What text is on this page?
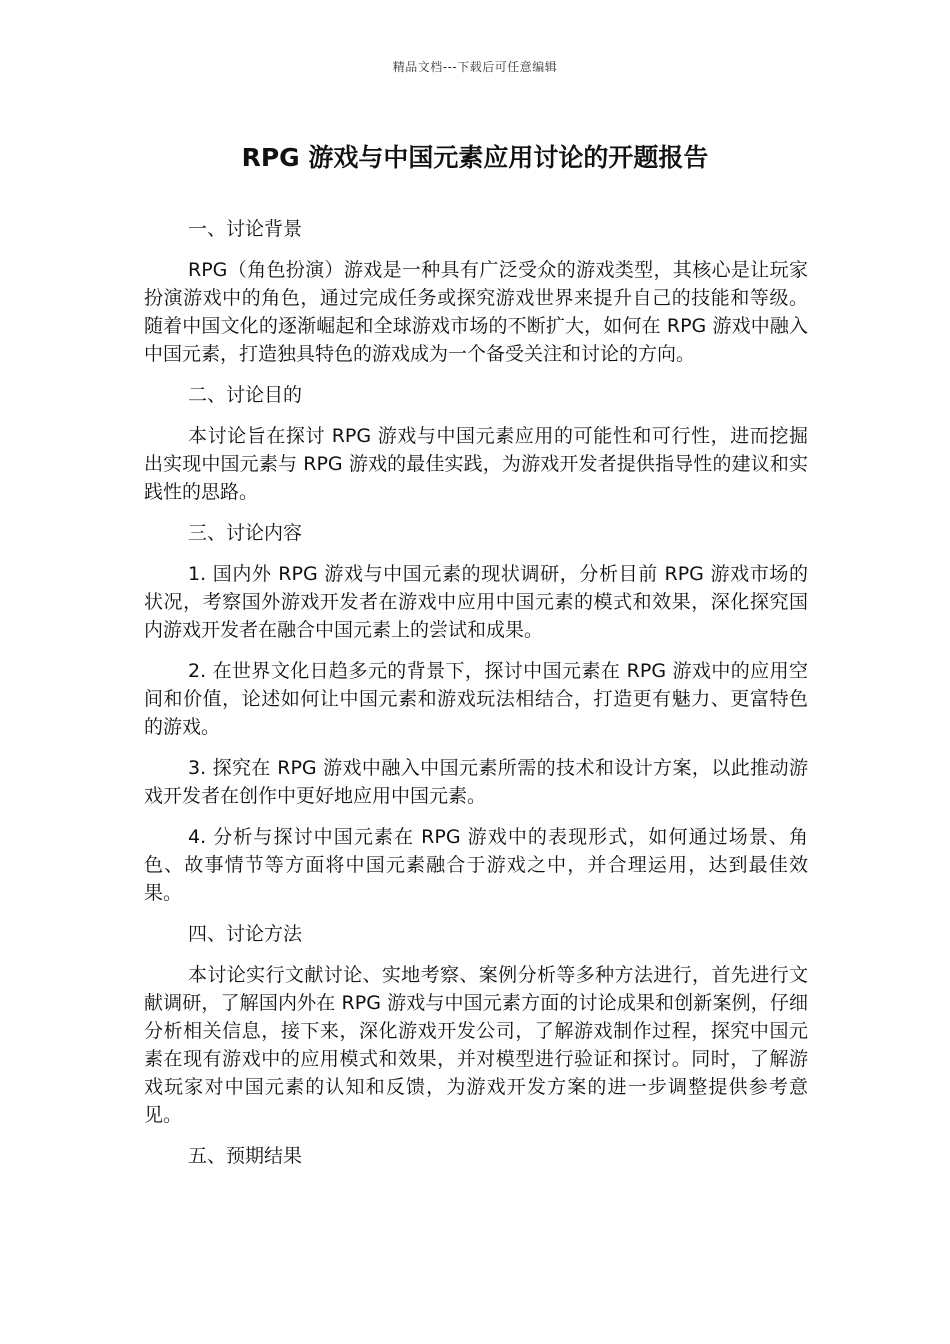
精品文档---下载后可任意编辑
RPG 游戏与中国元素应用讨论的开题报告

一、讨论背景

RPG（角色扮演）游戏是一种具有广泛受众的游戏类型，其核心是让玩家扮演游戏中的角色，通过完成任务或探究游戏世界来提升自己的技能和等级。随着中国文化的逐渐崛起和全球游戏市场的不断扩大，如何在 RPG 游戏中融入中国元素，打造独具特色的游戏成为一个备受关注和讨论的方向。

二、讨论目的

本讨论旨在探讨 RPG 游戏与中国元素应用的可能性和可行性，进而挖掘出实现中国元素与 RPG 游戏的最佳实践，为游戏开发者提供指导性的建议和实践性的思路。

三、讨论内容

1. 国内外 RPG 游戏与中国元素的现状调研，分析目前 RPG 游戏市场的状况，考察国外游戏开发者在游戏中应用中国元素的模式和效果，深化探究国内游戏开发者在融合中国元素上的尝试和成果。

2. 在世界文化日趋多元的背景下，探讨中国元素在 RPG 游戏中的应用空间和价值，论述如何让中国元素和游戏玩法相结合，打造更有魅力、更富特色的游戏。

3. 探究在 RPG 游戏中融入中国元素所需的技术和设计方案，以此推动游戏开发者在创作中更好地应用中国元素。

4. 分析与探讨中国元素在 RPG 游戏中的表现形式，如何通过场景、角色、故事情节等方面将中国元素融合于游戏之中，并合理运用，达到最佳效果。

四、讨论方法

本讨论实行文献讨论、实地考察、案例分析等多种方法进行，首先进行文献调研，了解国内外在 RPG 游戏与中国元素方面的讨论成果和创新案例，仔细分析相关信息，接下来，深化游戏开发公司，了解游戏制作过程，探究中国元素在现有游戏中的应用模式和效果，并对模型进行验证和探讨。同时，了解游戏玩家对中国元素的认知和反馈，为游戏开发方案的进一步调整提供参考意见。

五、预期结果
